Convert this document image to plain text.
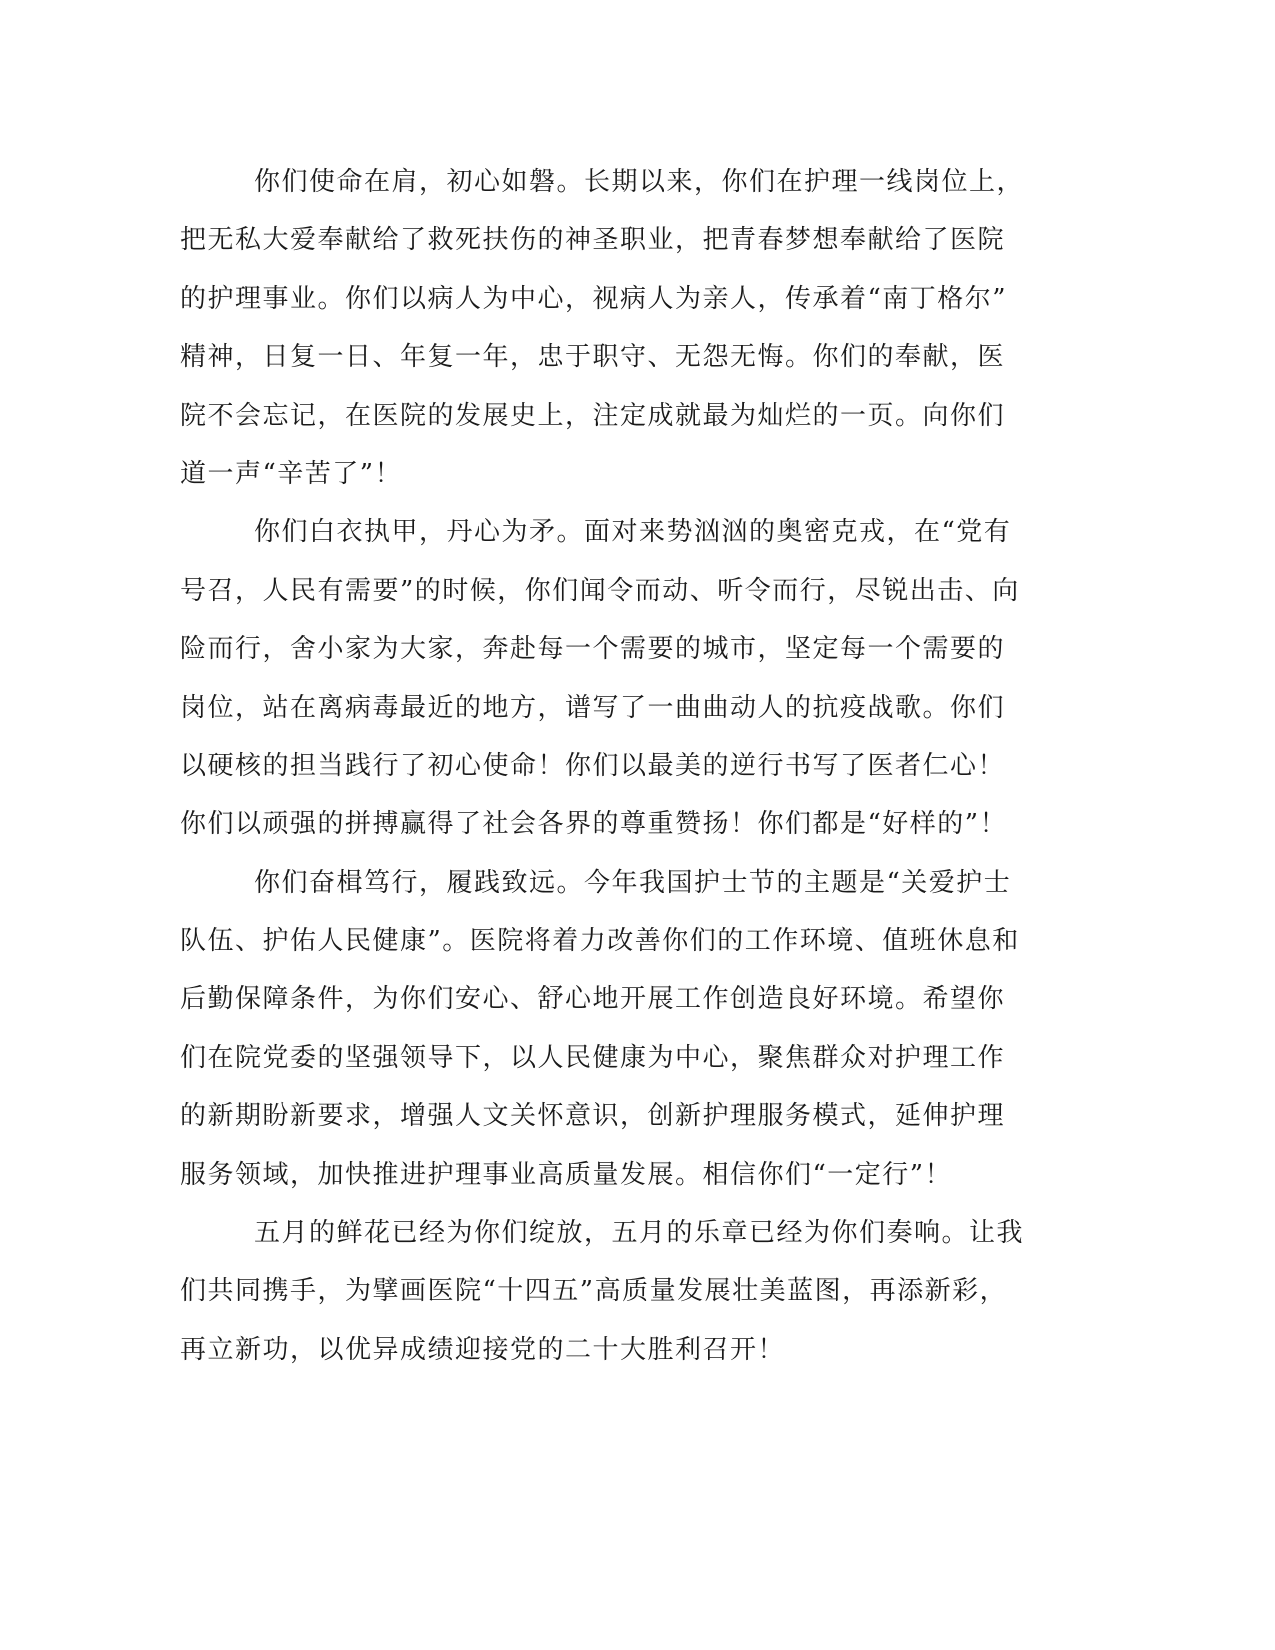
你们使命在肩，初心如磐。长期以来，你们在护理一线岗位上，
把无私大爱奉献给了救死扶伤的神圣职业，把青春梦想奉献给了医院
的护理事业。你们以病人为中心，视病人为亲人，传承着“南丁格尔”
精神，日复一日、年复一年，忠于职守、无怨无悔。你们的奉献，医
院不会忘记，在医院的发展史上，注定成就最为灿烂的一页。向你们
道一声“辛苦了”！
你们白衣执甲，丹心为矛。面对来势汹汹的奥密克戎，在“党有
号召，人民有需要”的时候，你们闻令而动、听令而行，尽锐出击、向
险而行，舍小家为大家，奔赴每一个需要的城市，坚定每一个需要的
岗位，站在离病毒最近的地方，谱写了一曲曲动人的抗疫战歌。你们
以硬核的担当践行了初心使命！你们以最美的逆行书写了医者仁心！
你们以顽强的拼搏赢得了社会各界的尊重赞扬！你们都是“好样的”！
你们奋楫笃行，履践致远。今年我国护士节的主题是“关爱护士
队伍、护佑人民健康”。医院将着力改善你们的工作环境、值班休息和
后勤保障条件，为你们安心、舒心地开展工作创造良好环境。希望你
们在院党委的坚强领导下，以人民健康为中心，聚焦群众对护理工作
的新期盼新要求，增强人文关怀意识，创新护理服务模式，延伸护理
服务领域，加快推进护理事业高质量发展。相信你们“一定行”！
五月的鲜花已经为你们绽放，五月的乐章已经为你们奏响。让我
们共同携手，为擘画医院“十四五”高质量发展壮美蓝图，再添新彩，
再立新功，以优异成绩迎接党的二十大胜利召开！
